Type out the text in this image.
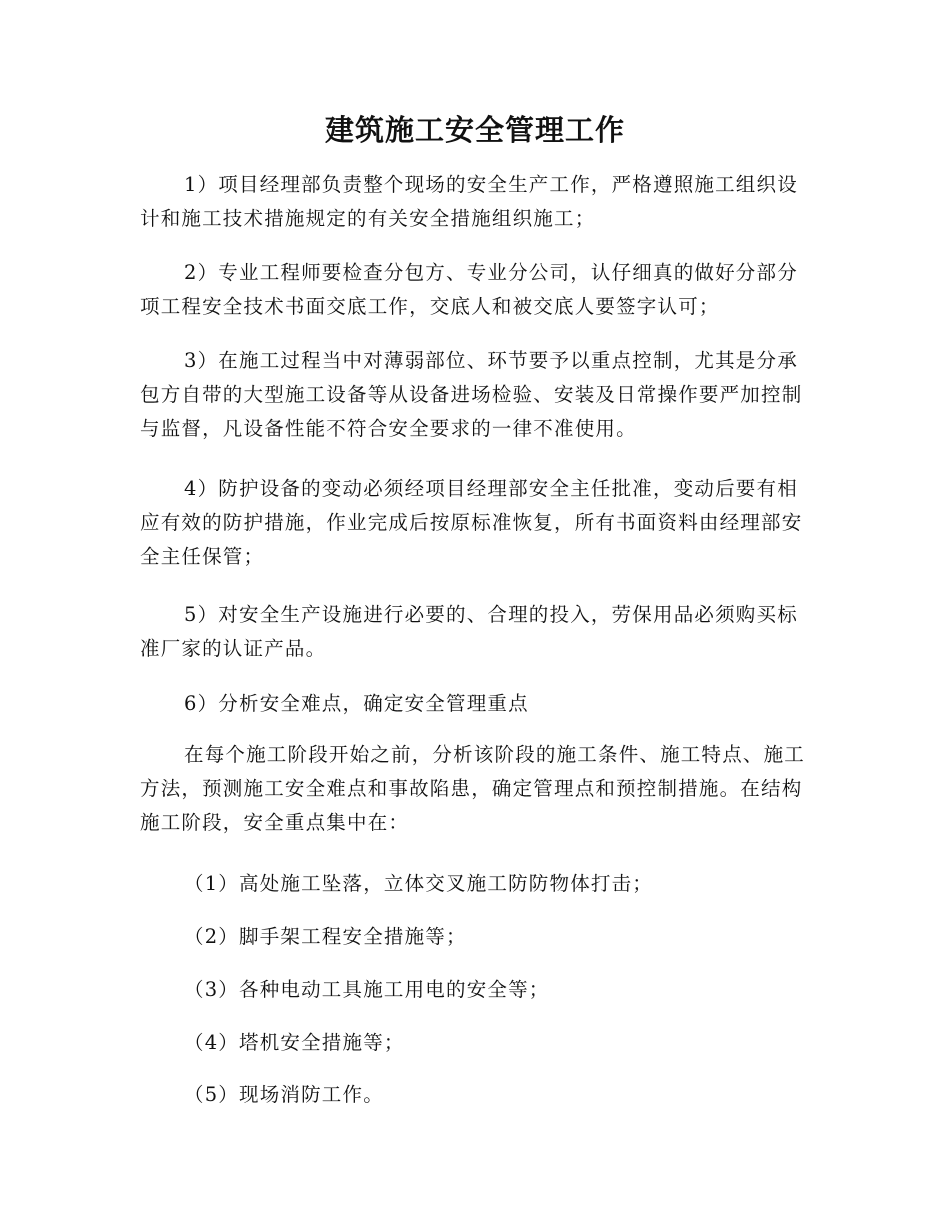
建筑施工安全管理工作

1）项目经理部负责整个现场的安全生产工作，严格遵照施工组织设计和施工技术措施规定的有关安全措施组织施工；

2）专业工程师要检查分包方、专业分公司，认仔细真的做好分部分项工程安全技术书面交底工作，交底人和被交底人要签字认可；

3）在施工过程当中对薄弱部位、环节要予以重点控制，尤其是分承包方自带的大型施工设备等从设备进场检验、安装及日常操作要严加控制与监督，凡设备性能不符合安全要求的一律不准使用。

4）防护设备的变动必须经项目经理部安全主任批准，变动后要有相应有效的防护措施，作业完成后按原标准恢复，所有书面资料由经理部安全主任保管；

5）对安全生产设施进行必要的、合理的投入，劳保用品必须购买标准厂家的认证产品。

6）分析安全难点，确定安全管理重点

在每个施工阶段开始之前，分析该阶段的施工条件、施工特点、施工方法，预测施工安全难点和事故陷患，确定管理点和预控制措施。在结构施工阶段，安全重点集中在：

（1）高处施工坠落，立体交叉施工防防物体打击；

（2）脚手架工程安全措施等；

（3）各种电动工具施工用电的安全等；

（4）塔机安全措施等；

（5）现场消防工作。
